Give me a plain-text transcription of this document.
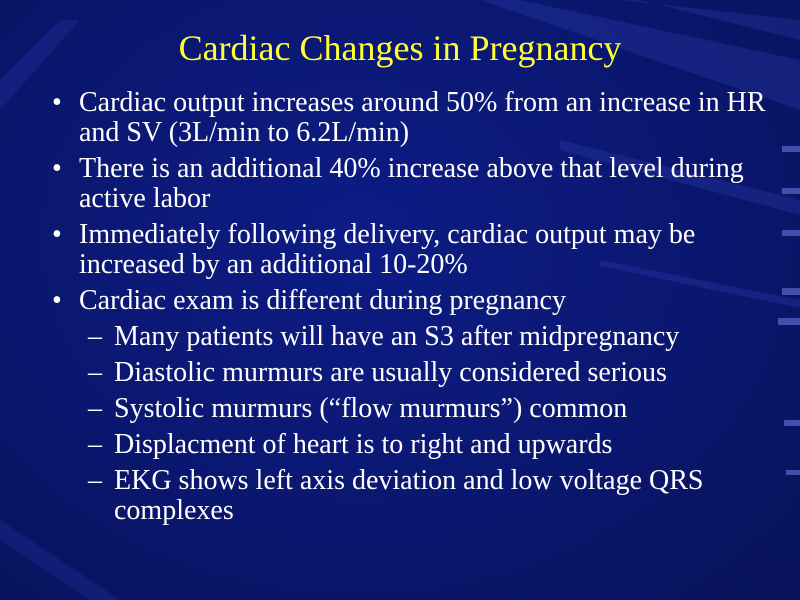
Cardiac Changes in Pregnancy
• Cardiac output increases around 50% from an increase in HR and SV (3L/min to 6.2L/min)
• There is an additional 40% increase above that level during active labor
• Immediately following delivery, cardiac output may be increased by an additional 10-20%
• Cardiac exam is different during pregnancy
– Many patients will have an S3 after midpregnancy
– Diastolic murmurs are usually considered serious
– Systolic murmurs (“flow murmurs”) common
– Displacment of heart is to right and upwards
– EKG shows left axis deviation and low voltage QRS complexes
